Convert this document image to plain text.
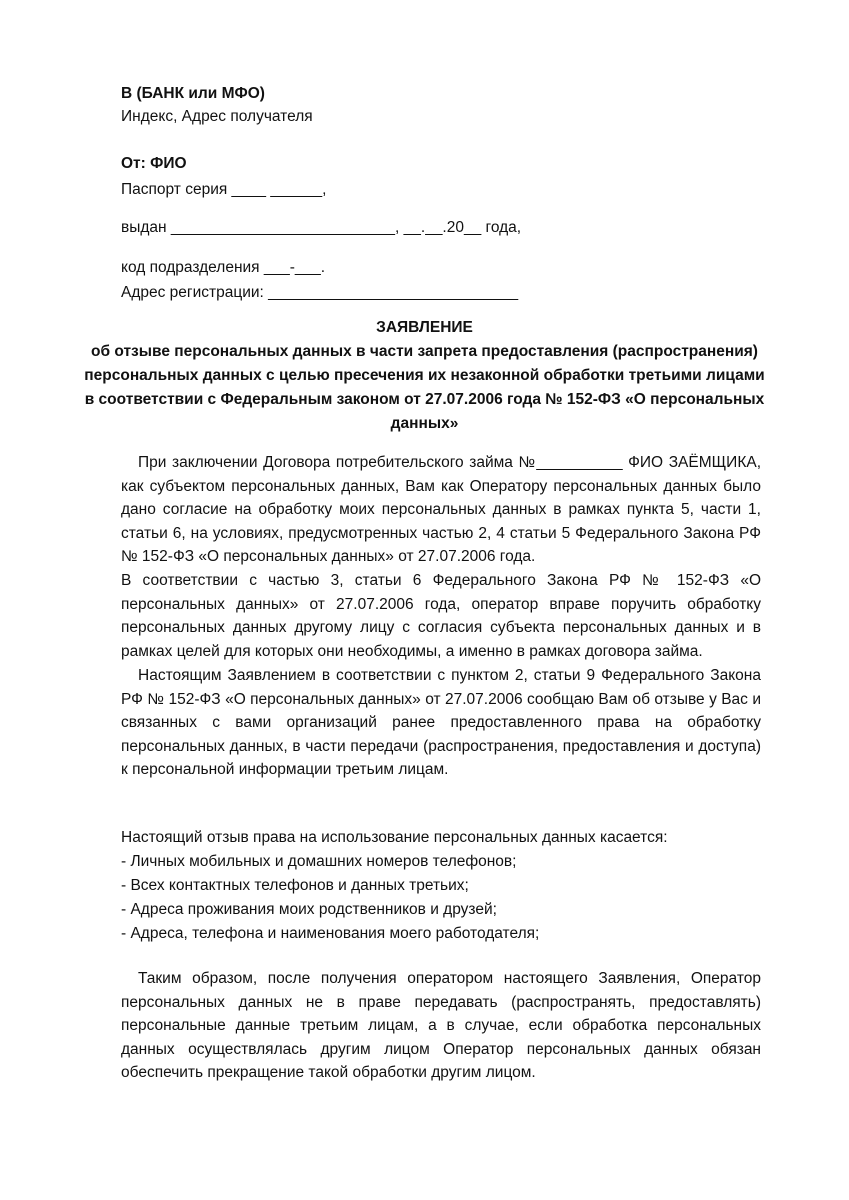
В (БАНК или МФО)
Индекс, Адрес получателя
От: ФИО
Паспорт серия ____ ______,
выдан __________________________, __.__.20__ года,
код подразделения ___-___.
Адрес регистрации: _____________________________
ЗАЯВЛЕНИЕ
об отзыве персональных данных в части запрета предоставления (распространения)
персональных данных с целью пресечения их незаконной обработки третьими лицами
в соответствии с Федеральным законом от 27.07.2006 года № 152-ФЗ «О персональных
данных»
При заключении Договора потребительского займа №__________ ФИО ЗАЁМЩИКА, как субъектом персональных данных, Вам как Оператору персональных данных было дано согласие на обработку моих персональных данных в рамках пункта 5, части 1, статьи 6, на условиях, предусмотренных частью 2, 4 статьи 5 Федерального Закона РФ № 152-ФЗ «О персональных данных» от 27.07.2006 года.
В соответствии с частью 3, статьи 6 Федерального Закона РФ № 152-ФЗ «О персональных данных» от 27.07.2006 года, оператор вправе поручить обработку персональных данных другому лицу с согласия субъекта персональных данных и в рамках целей для которых они необходимы, а именно в рамках договора займа.
Настоящим Заявлением в соответствии с пунктом 2, статьи 9 Федерального Закона РФ № 152-ФЗ «О персональных данных» от 27.07.2006 сообщаю Вам об отзыве у Вас и связанных с вами организаций ранее предоставленного права на обработку персональных данных, в части передачи (распространения, предоставления и доступа) к персональной информации третьим лицам.
Настоящий отзыв права на использование персональных данных касается:
- Личных мобильных и домашних номеров телефонов;
- Всех контактных телефонов и данных третьих;
- Адреса проживания моих родственников и друзей;
- Адреса, телефона и наименования моего работодателя;
Таким образом, после получения оператором настоящего Заявления, Оператор персональных данных не в праве передавать (распространять, предоставлять) персональные данные третьим лицам, а в случае, если обработка персональных данных осуществлялась другим лицом Оператор персональных данных обязан обеспечить прекращение такой обработки другим лицом.
